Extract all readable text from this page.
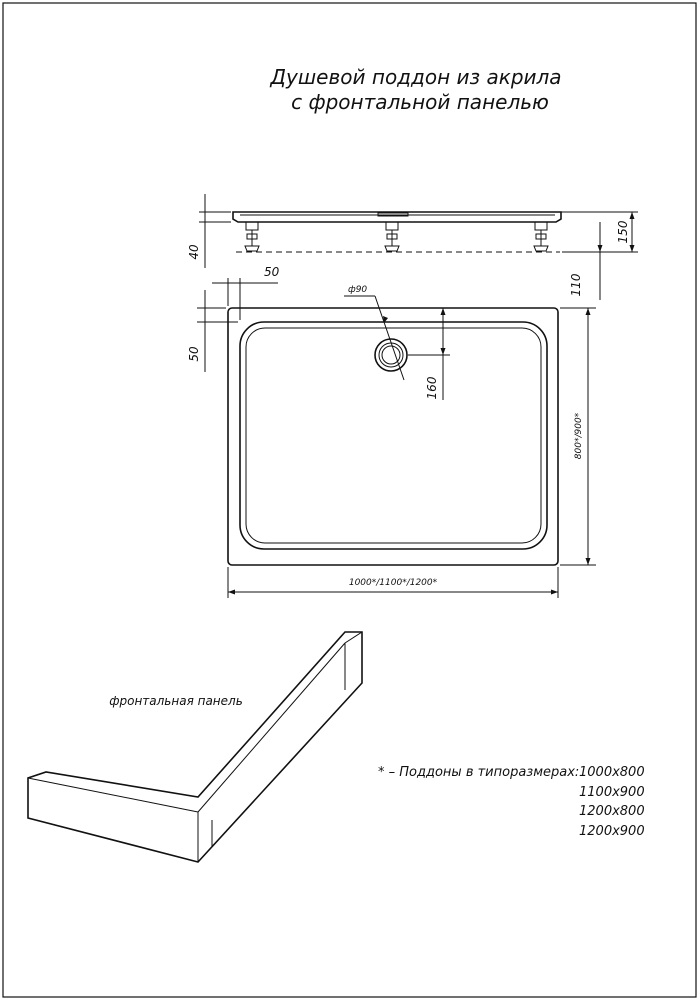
Душевой поддон из акрила
с фронтальной панелью
40
150
110
ф90
160
50
50
800*/900*
1000*/1100*/1200*
фронтальная панель
* – Поддоны в типоразмерах: 1000x800
1100x900
1200x800
1200x900
